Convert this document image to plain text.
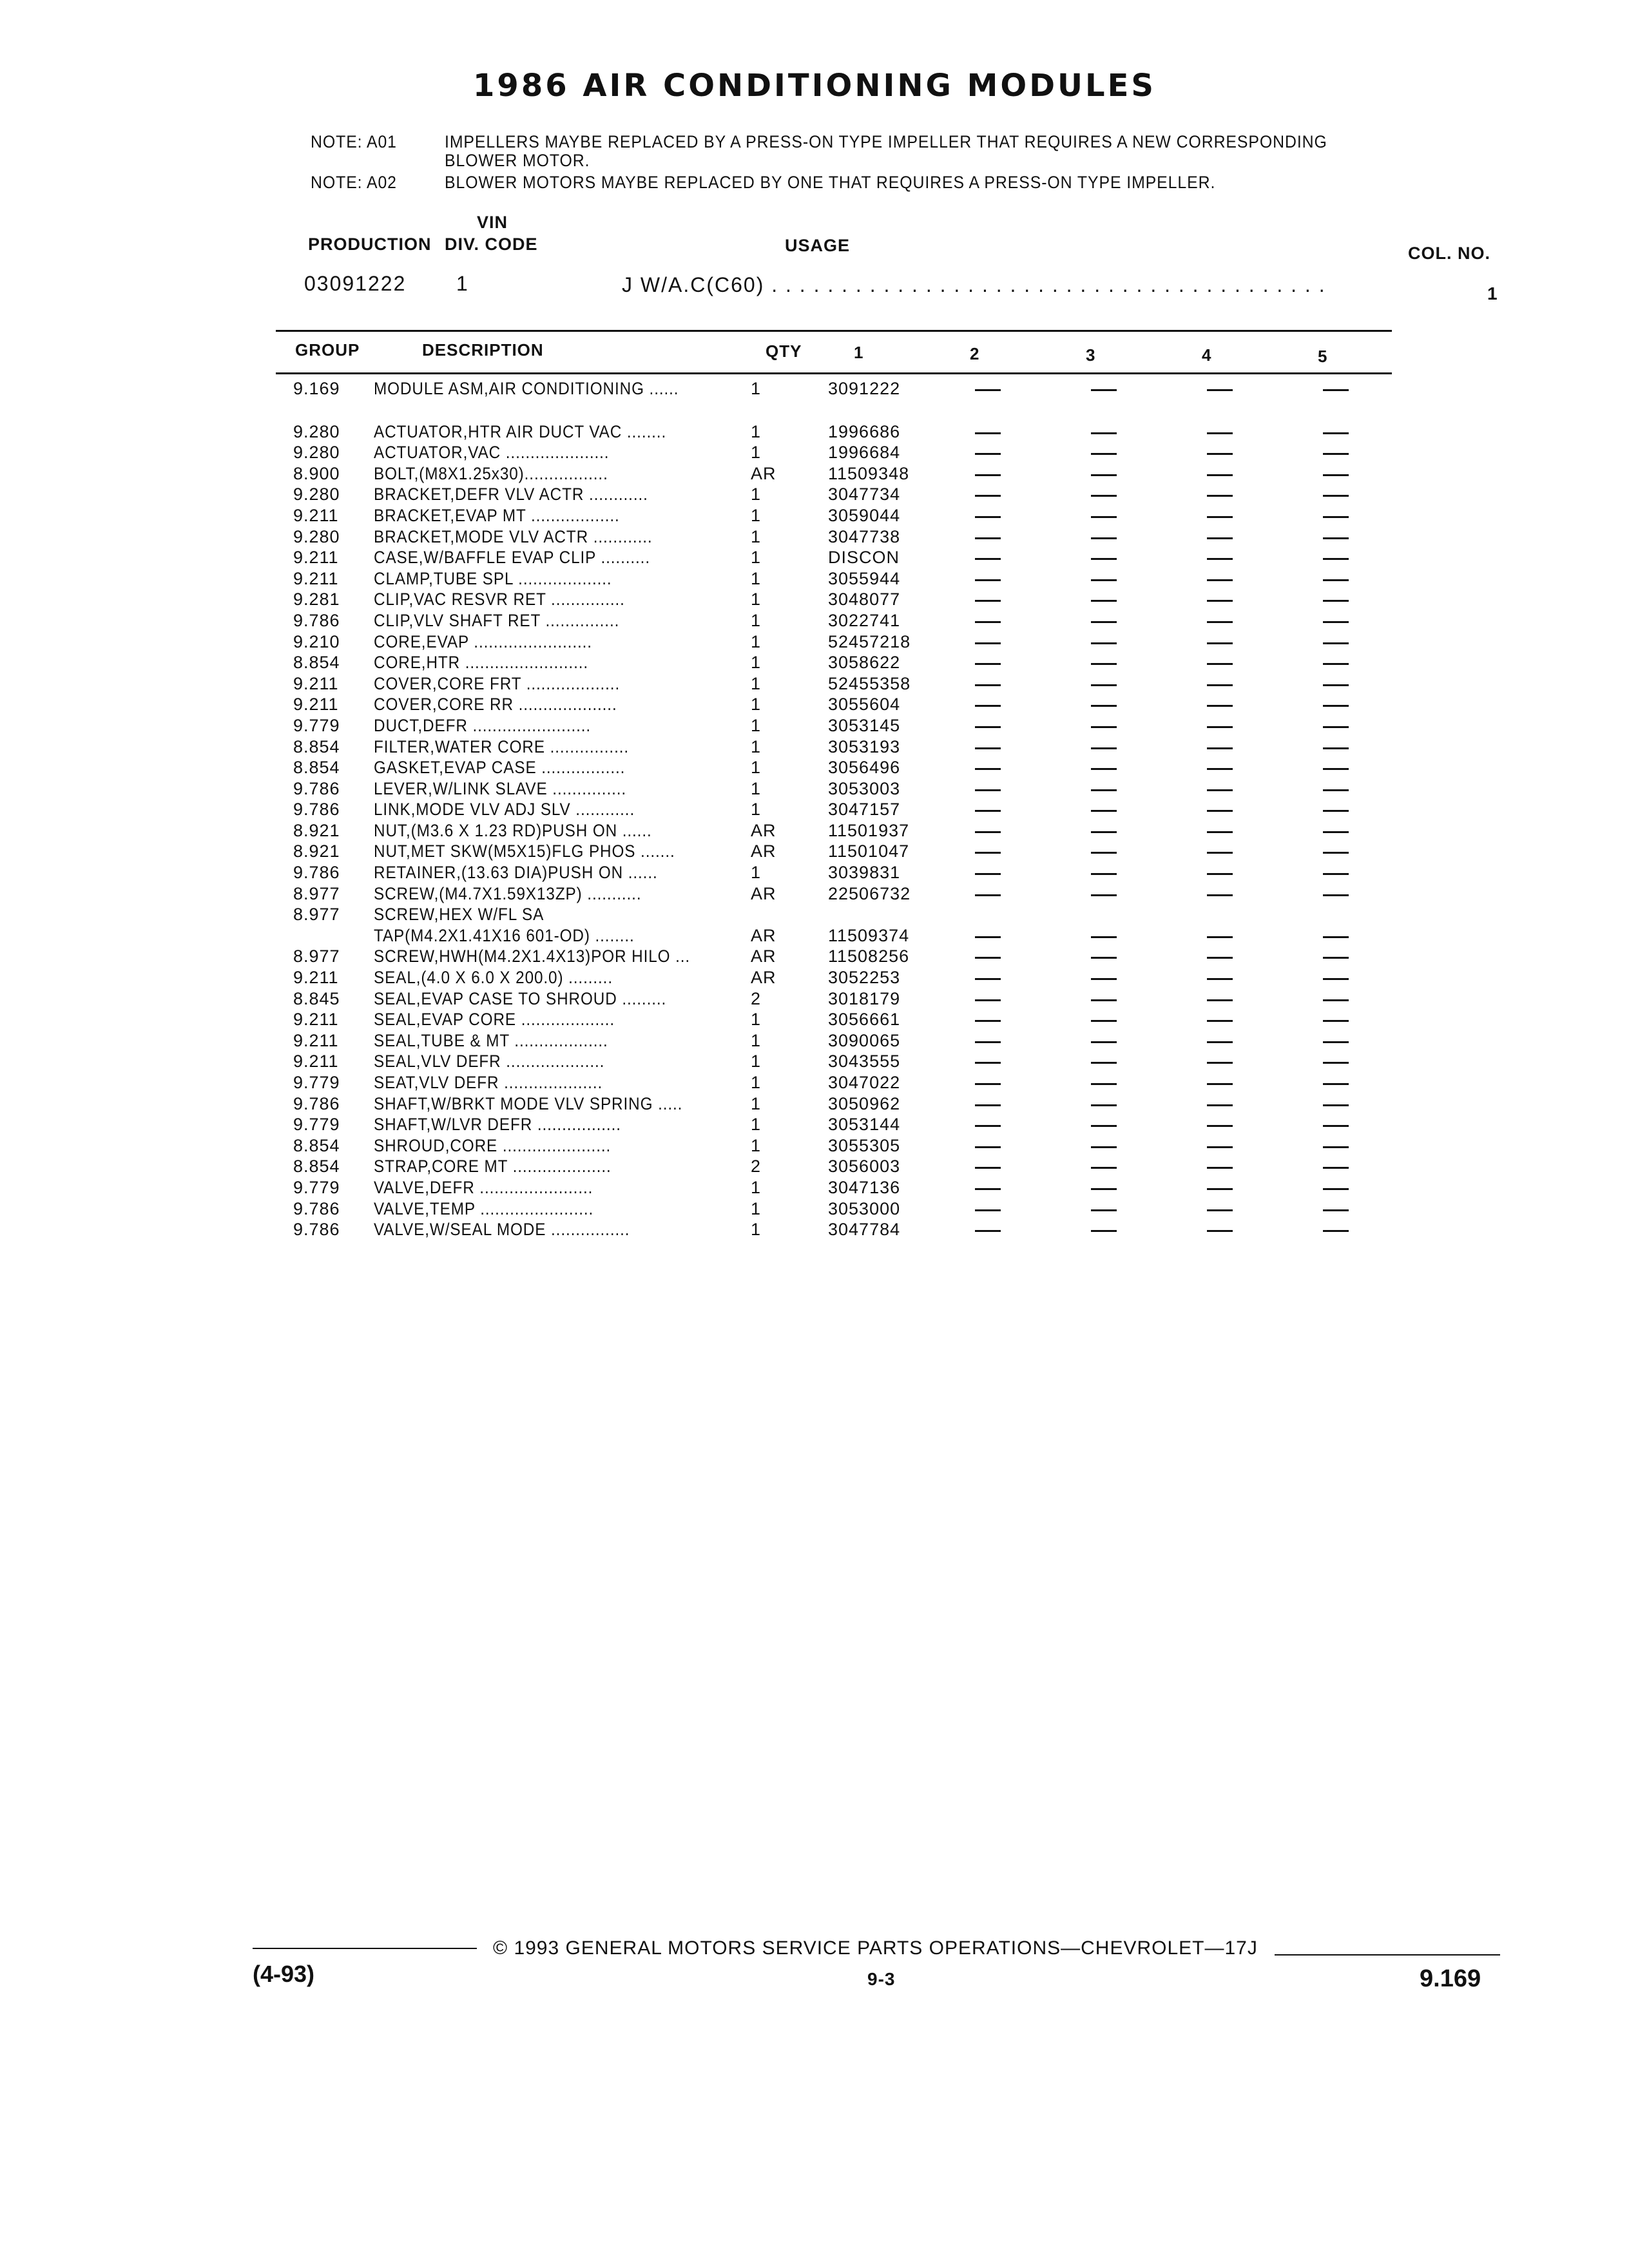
1986 AIR CONDITIONING MODULES
NOTE: A01	IMPELLERS MAYBE REPLACED BY A PRESS-ON TYPE IMPELLER THAT REQUIRES A NEW CORRESPONDING
BLOWER MOTOR.
NOTE: A02	BLOWER MOTORS MAYBE REPLACED BY ONE THAT REQUIRES A PRESS-ON TYPE IMPELLER.
VIN
PRODUCTION DIV. CODE	USAGE	COL. NO.
03091222 1	J W/A.C(C60) . . . . . . . . . . . . . . . . . . . . . . . . . . . . . . . . . . . . . . . .	1
GROUP	DESCRIPTION	QTY	1	2	3	4	5
9.169 MODULE ASM,AIR CONDITIONING ......	1	3091222
9.280 ACTUATOR,HTR AIR DUCT VAC ........	1	1996686
9.280 ACTUATOR,VAC .....................	1	1996684
8.900 BOLT,(M8X1.25x30).................	AR	11509348
9.280 BRACKET,DEFR VLV ACTR ............	1	3047734
9.211 BRACKET,EVAP MT ..................	1	3059044
9.280 BRACKET,MODE VLV ACTR ............	1	3047738
9.211 CASE,W/BAFFLE EVAP CLIP ..........	1	DISCON
9.211 CLAMP,TUBE SPL ...................	1	3055944
9.281 CLIP,VAC RESVR RET ...............	1	3048077
9.786 CLIP,VLV SHAFT RET ...............	1	3022741
9.210 CORE,EVAP ........................	1	52457218
8.854 CORE,HTR .........................	1	3058622
9.211 COVER,CORE FRT ...................	1	52455358
9.211 COVER,CORE RR ....................	1	3055604
9.779 DUCT,DEFR ........................	1	3053145
8.854 FILTER,WATER CORE ................	1	3053193
8.854 GASKET,EVAP CASE .................	1	3056496
9.786 LEVER,W/LINK SLAVE ...............	1	3053003
9.786 LINK,MODE VLV ADJ SLV ............	1	3047157
8.921 NUT,(M3.6 X 1.23 RD)PUSH ON ......	AR	11501937
8.921 NUT,MET SKW(M5X15)FLG PHOS .......	AR	11501047
9.786 RETAINER,(13.63 DIA)PUSH ON ......	1	3039831
8.977 SCREW,(M4.7X1.59X13ZP) ...........	AR	22506732
8.977 SCREW,HEX W/FL SA
TAP(M4.2X1.41X16 601-OD) ........	AR	11509374
8.977 SCREW,HWH(M4.2X1.4X13)POR HILO ...	AR	11508256
9.211 SEAL,(4.0 X 6.0 X 200.0) .........	AR	3052253
8.845 SEAL,EVAP CASE TO SHROUD .........	2	3018179
9.211 SEAL,EVAP CORE ...................	1	3056661
9.211 SEAL,TUBE & MT ...................	1	3090065
9.211 SEAL,VLV DEFR ....................	1	3043555
9.779 SEAT,VLV DEFR ....................	1	3047022
9.786 SHAFT,W/BRKT MODE VLV SPRING .....	1	3050962
9.779 SHAFT,W/LVR DEFR .................	1	3053144
8.854 SHROUD,CORE ......................	1	3055305
8.854 STRAP,CORE MT ....................	2	3056003
9.779 VALVE,DEFR .......................	1	3047136
9.786 VALVE,TEMP .......................	1	3053000
9.786 VALVE,W/SEAL MODE ................	1	3047784
© 1993 GENERAL MOTORS SERVICE PARTS OPERATIONS—CHEVROLET—17J
(4-93)	9-3	9.169
